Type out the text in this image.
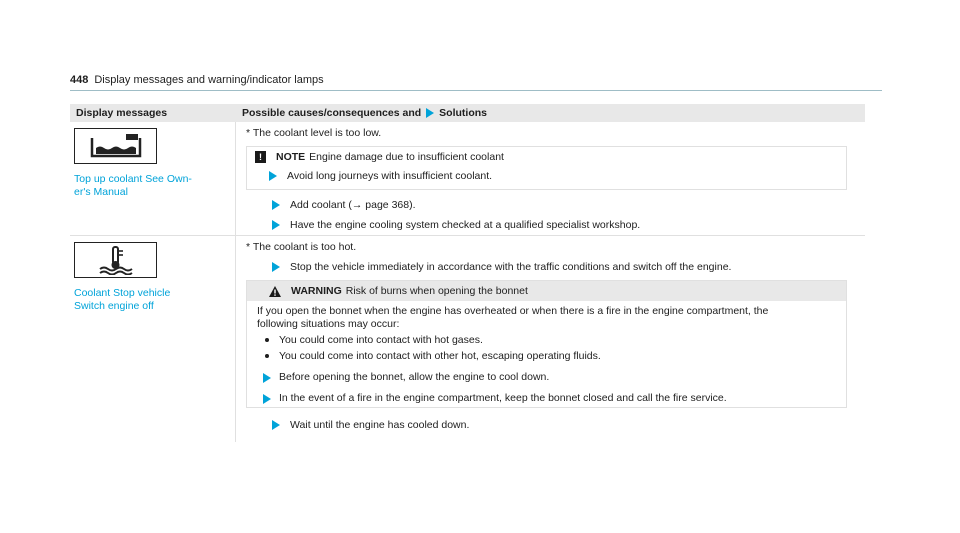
448 Display messages and warning/indicator lamps
Display messages	Possible causes/consequences and Solutions
Top up coolant See Own-
er's Manual

* The coolant level is too low.

!	NOTE Engine damage due to insufficient coolant

Avoid long journeys with insufficient coolant.

Add coolant (→ page 368).

Have the engine cooling system checked at a qualified specialist workshop.

Coolant Stop vehicle
Switch engine off

* The coolant is too hot.

Stop the vehicle immediately in accordance with the traffic conditions and switch off the engine.

WARNING Risk of burns when opening the bonnet

If you open the bonnet when the engine has overheated or when there is a fire in the engine compartment, the
following situations may occur:

You could come into contact with hot gases.
You could come into contact with other hot, escaping operating fluids.

Before opening the bonnet, allow the engine to cool down.

In the event of a fire in the engine compartment, keep the bonnet closed and call the fire service.

Wait until the engine has cooled down.
